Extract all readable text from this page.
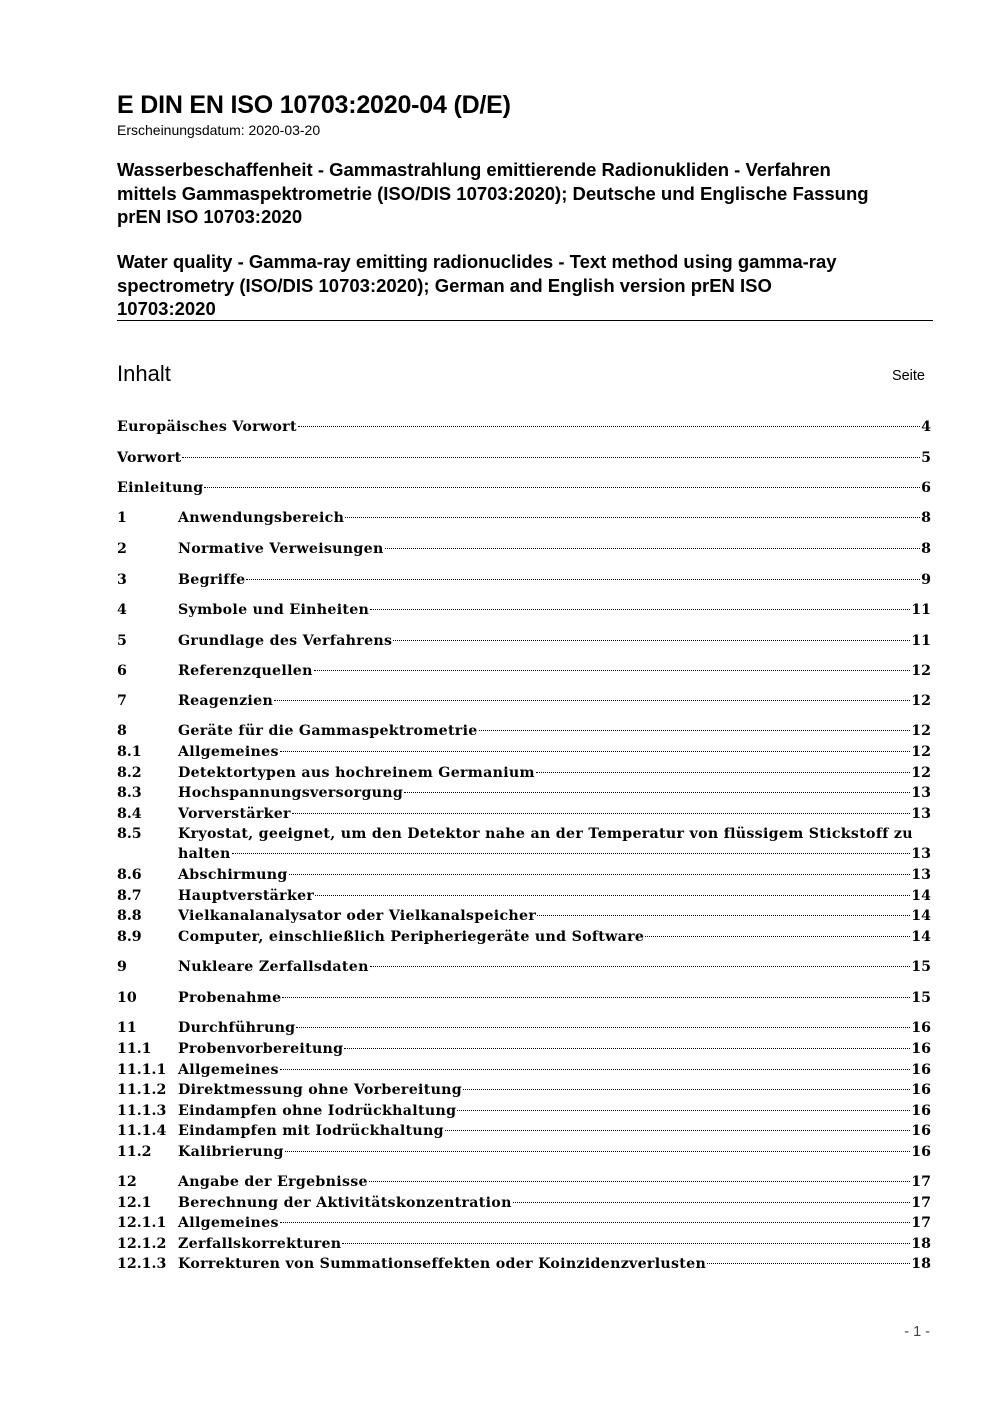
E DIN EN ISO 10703:2020-04 (D/E)
Erscheinungsdatum: 2020-03-20
Wasserbeschaffenheit - Gammastrahlung emittierende Radionukliden - Verfahren
mittels Gammaspektrometrie (ISO/DIS 10703:2020); Deutsche und Englische Fassung
prEN ISO 10703:2020
Water quality - Gamma-ray emitting radionuclides - Text method using gamma-ray
spectrometry (ISO/DIS 10703:2020); German and English version prEN ISO
10703:2020
Inhalt	Seite
Europäisches Vorwort	4
Vorwort	5
Einleitung	6
1	Anwendungsbereich	8
2	Normative Verweisungen	8
3	Begriffe	9
4	Symbole und Einheiten	11
5	Grundlage des Verfahrens	11
6	Referenzquellen	12
7	Reagenzien	12
8	Geräte für die Gammaspektrometrie	12
8.1	Allgemeines	12
8.2	Detektortypen aus hochreinem Germanium	12
8.3	Hochspannungsversorgung	13
8.4	Vorverstärker	13
8.5	Kryostat, geeignet, um den Detektor nahe an der Temperatur von flüssigem Stickstoff zu
halten	13
8.6	Abschirmung	13
8.7	Hauptverstärker	14
8.8	Vielkanalanalysator oder Vielkanalspeicher	14
8.9	Computer, einschließlich Peripheriegeräte und Software	14
9	Nukleare Zerfallsdaten	15
10	Probenahme	15
11	Durchführung	16
11.1	Probenvorbereitung	16
11.1.1 Allgemeines	16
11.1.2 Direktmessung ohne Vorbereitung	16
11.1.3 Eindampfen ohne Iodrückhaltung	16
11.1.4 Eindampfen mit Iodrückhaltung	16
11.2	Kalibrierung	16
12	Angabe der Ergebnisse	17
12.1	Berechnung der Aktivitätskonzentration	17
12.1.1 Allgemeines	17
12.1.2 Zerfallskorrekturen	18
12.1.3 Korrekturen von Summationseffekten oder Koinzidenzverlusten	18
- 1 -
